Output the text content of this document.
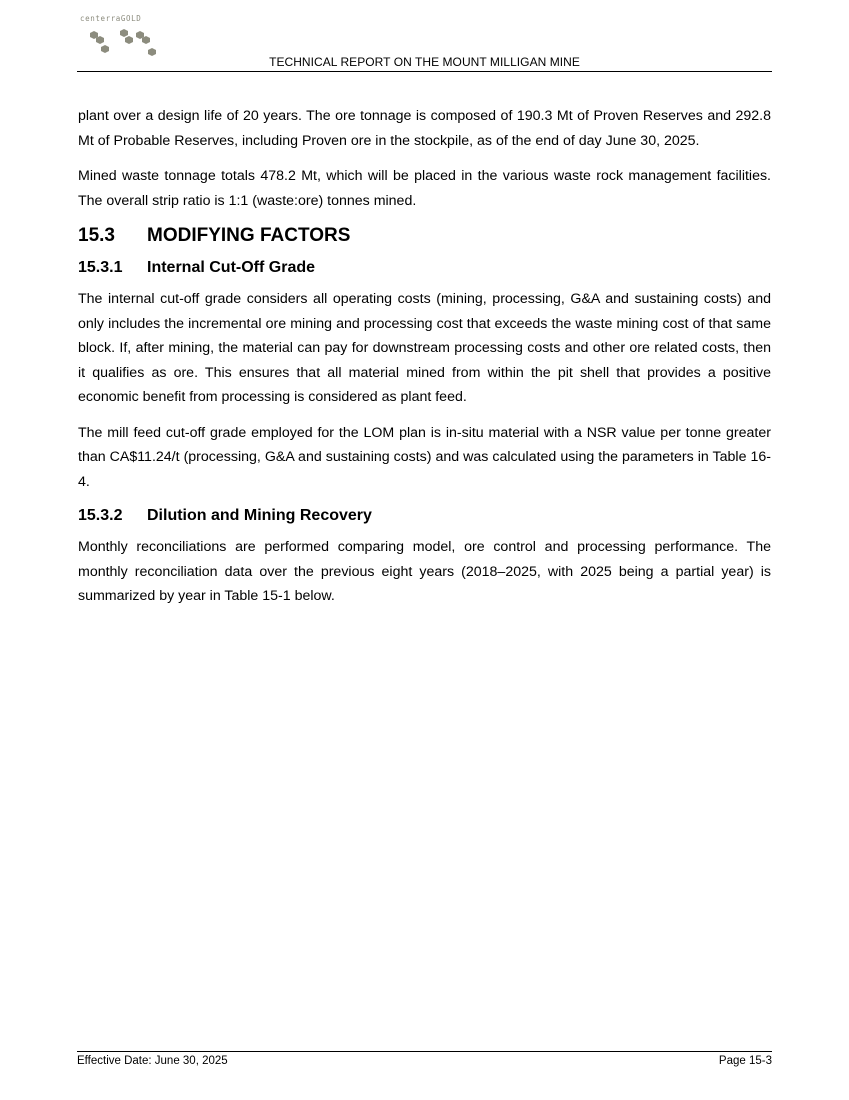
centerraGOLD
TECHNICAL REPORT ON THE MOUNT MILLIGAN MINE

plant over a design life of 20 years. The ore tonnage is composed of 190.3 Mt of Proven Reserves and 292.8 Mt of Probable Reserves, including Proven ore in the stockpile, as of the end of day June 30, 2025.

Mined waste tonnage totals 478.2 Mt, which will be placed in the various waste rock management facilities. The overall strip ratio is 1:1 (waste:ore) tonnes mined.

15.3 MODIFYING FACTORS
15.3.1 Internal Cut-Off Grade

The internal cut-off grade considers all operating costs (mining, processing, G&A and sustaining costs) and only includes the incremental ore mining and processing cost that exceeds the waste mining cost of that same block. If, after mining, the material can pay for downstream processing costs and other ore related costs, then it qualifies as ore. This ensures that all material mined from within the pit shell that provides a positive economic benefit from processing is considered as plant feed.

The mill feed cut-off grade employed for the LOM plan is in-situ material with a NSR value per tonne greater than CA$11.24/t (processing, G&A and sustaining costs) and was calculated using the parameters in Table 16-4.

15.3.2 Dilution and Mining Recovery

Monthly reconciliations are performed comparing model, ore control and processing performance. The monthly reconciliation data over the previous eight years (2018–2025, with 2025 being a partial year) is summarized by year in Table 15-1 below.

Effective Date: June 30, 2025	Page 15-3
